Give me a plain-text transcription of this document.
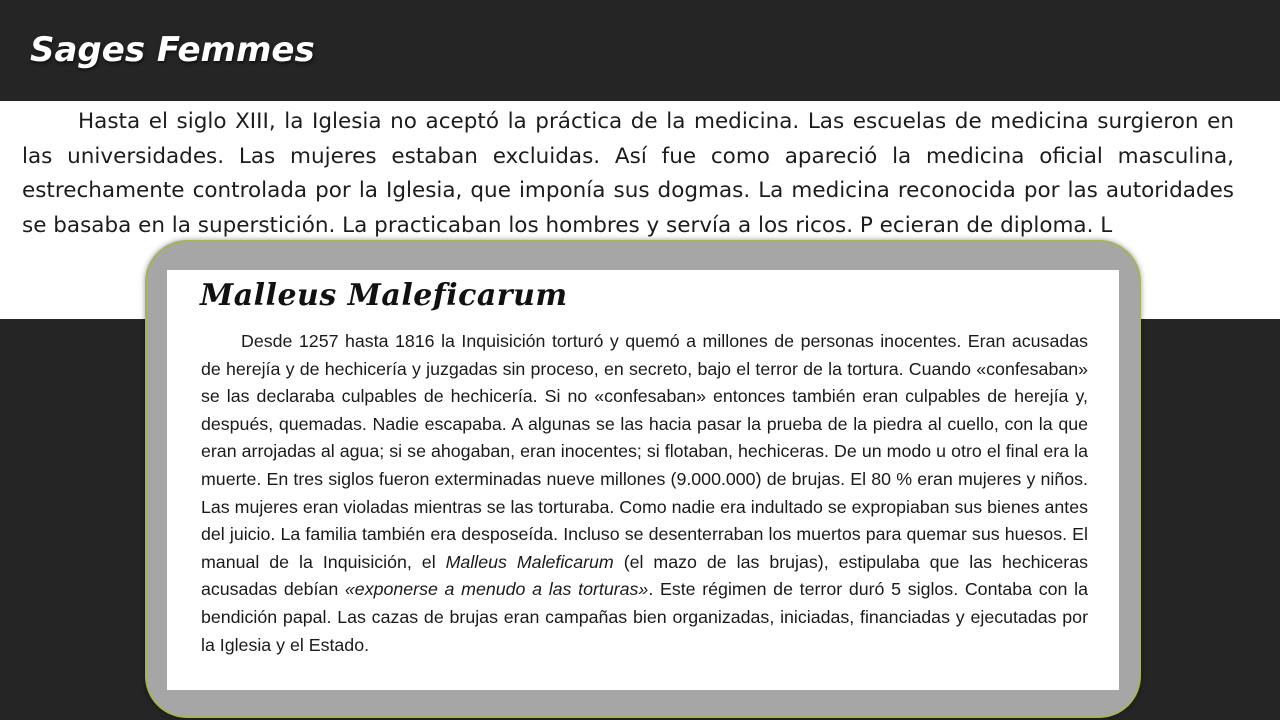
Sages Femmes

Hasta el siglo XIII, la Iglesia no aceptó la práctica de la medicina. Las escuelas de medicina surgieron en las universidades. Las mujeres estaban excluidas. Así fue como apareció la medicina oficial masculina, estrechamente controlada por la Iglesia, que imponía sus dogmas. La medicina reconocida por las autoridades se basaba en la superstición. La practicaban los hombres y servía a los ricos. P ecieran de diploma. L

Malleus Maleficarum

Desde 1257 hasta 1816 la Inquisición torturó y quemó a millones de personas inocentes. Eran acusadas de herejía y de hechicería y juzgadas sin proceso, en secreto, bajo el terror de la tortura. Cuando «confesaban» se las declaraba culpables de hechicería. Si no «confesaban» entonces también eran culpables de herejía y, después, quemadas. Nadie escapaba. A algunas se las hacia pasar la prueba de la piedra al cuello, con la que eran arrojadas al agua; si se ahogaban, eran inocentes; si flotaban, hechiceras. De un modo u otro el final era la muerte. En tres siglos fueron exterminadas nueve millones (9.000.000) de brujas. El 80 % eran mujeres y niños. Las mujeres eran violadas mientras se las torturaba. Como nadie era indultado se expropiaban sus bienes antes del juicio. La familia también era desposeída. Incluso se desenterraban los muertos para quemar sus huesos. El manual de la Inquisición, el Malleus Maleficarum (el mazo de las brujas), estipulaba que las hechiceras acusadas debían «exponerse a menudo a las torturas». Este régimen de terror duró 5 siglos. Contaba con la bendición papal. Las cazas de brujas eran campañas bien organizadas, iniciadas, financiadas y ejecutadas por la Iglesia y el Estado.
